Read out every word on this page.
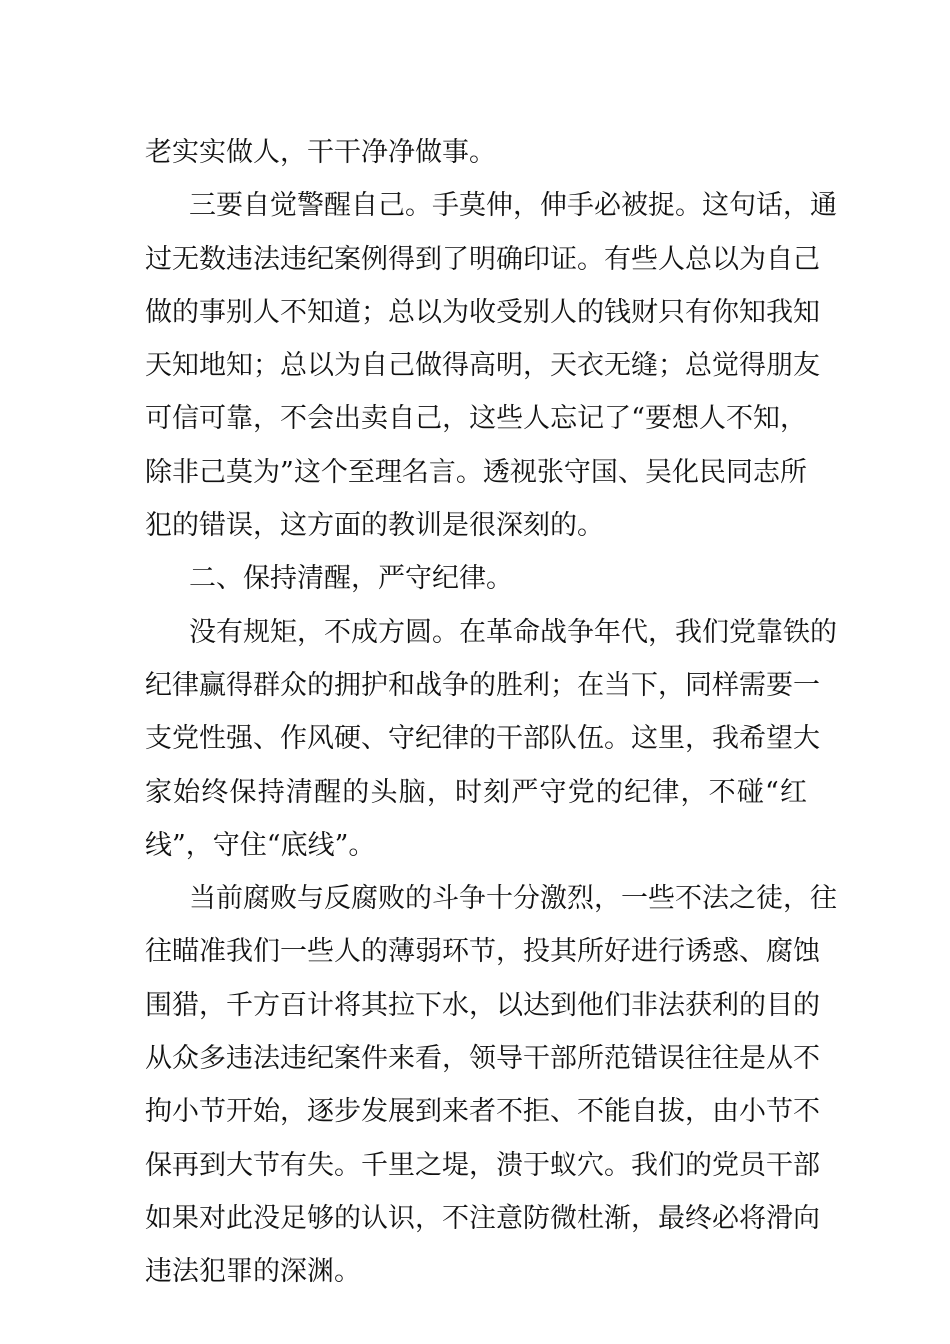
老实实做人，干干净净做事。
三要自觉警醒自己。手莫伸，伸手必被捉。这句话，通
过无数违法违纪案例得到了明确印证。有些人总以为自己
做的事别人不知道；总以为收受别人的钱财只有你知我知
天知地知；总以为自己做得高明，天衣无缝；总觉得朋友
可信可靠，不会出卖自己，这些人忘记了“要想人不知，
除非己莫为”这个至理名言。透视张守国、吴化民同志所
犯的错误，这方面的教训是很深刻的。
二、保持清醒，严守纪律。
没有规矩，不成方圆。在革命战争年代，我们党靠铁的
纪律赢得群众的拥护和战争的胜利；在当下，同样需要一
支党性强、作风硬、守纪律的干部队伍。这里，我希望大
家始终保持清醒的头脑，时刻严守党的纪律，不碰“红
线”，守住“底线”。
当前腐败与反腐败的斗争十分激烈，一些不法之徒，往
往瞄准我们一些人的薄弱环节，投其所好进行诱惑、腐蚀
围猎，千方百计将其拉下水，以达到他们非法获利的目的
从众多违法违纪案件来看，领导干部所范错误往往是从不
拘小节开始，逐步发展到来者不拒、不能自拔，由小节不
保再到大节有失。千里之堤，溃于蚁穴。我们的党员干部
如果对此没足够的认识，不注意防微杜渐，最终必将滑向
违法犯罪的深渊。
